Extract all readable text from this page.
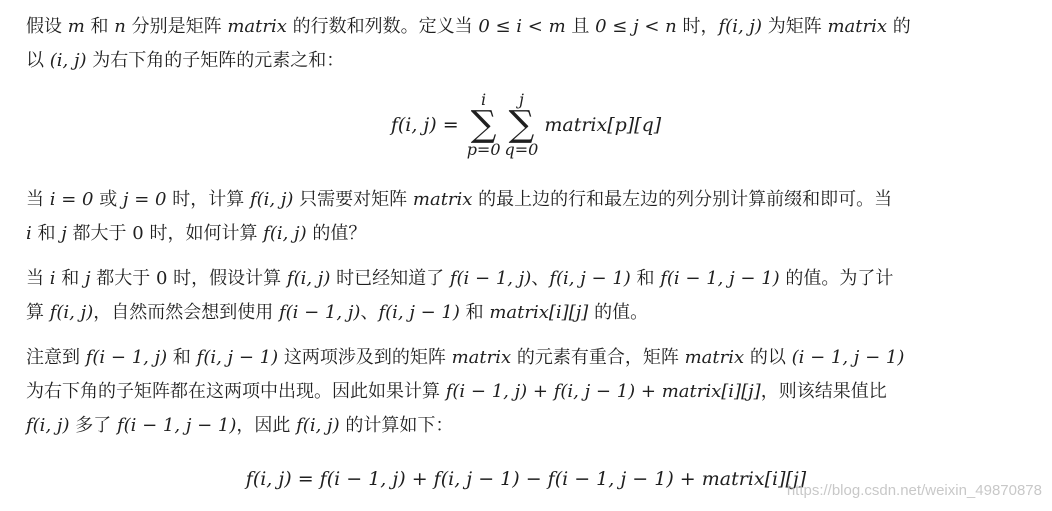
假设 m 和 n 分别是矩阵 matrix 的行数和列数。定义当 0 ≤ i < m 且 0 ≤ j < n 时，f(i, j) 为矩阵 matrix 的
以 (i, j) 为右下角的子矩阵的元素之和：
f(i, j) =
i
∑
p=0
j
∑
q=0
matrix[p][q]
当 i = 0 或 j = 0 时，计算 f(i, j) 只需要对矩阵 matrix 的最上边的行和最左边的列分别计算前缀和即可。当
i 和 j 都大于 0 时，如何计算 f(i, j) 的值？
当 i 和 j 都大于 0 时，假设计算 f(i, j) 时已经知道了 f(i − 1, j)、f(i, j − 1) 和 f(i − 1, j − 1) 的值。为了计
算 f(i, j)，自然而然会想到使用 f(i − 1, j)、f(i, j − 1) 和 matrix[i][j] 的值。
注意到 f(i − 1, j) 和 f(i, j − 1) 这两项涉及到的矩阵 matrix 的元素有重合，矩阵 matrix 的以 (i − 1, j − 1)
为右下角的子矩阵都在这两项中出现。因此如果计算 f(i − 1, j) + f(i, j − 1) + matrix[i][j]，则该结果值比
f(i, j) 多了 f(i − 1, j − 1)，因此 f(i, j) 的计算如下：
f(i, j) = f(i − 1, j) + f(i, j − 1) − f(i − 1, j − 1) + matrix[i][j]
https://blog.csdn.net/weixin_49870878
